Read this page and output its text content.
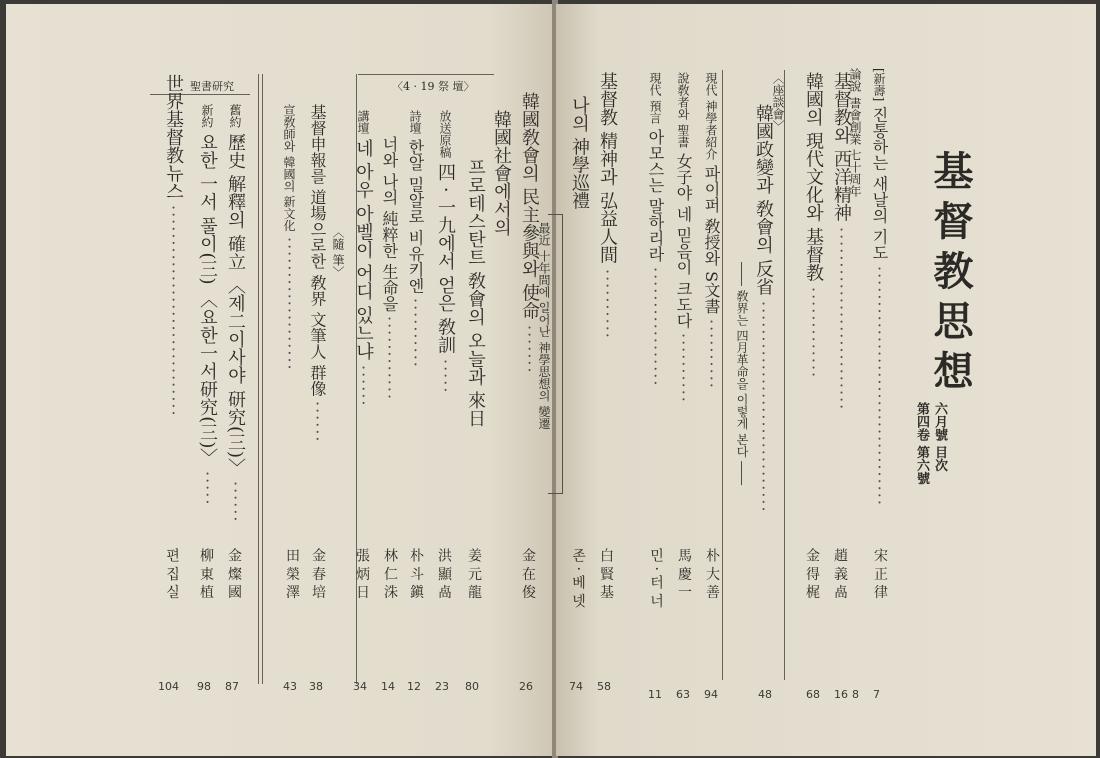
基督教思想
第四卷 第六號 六月號 目次
[新壽] 진통하는 새날의 기도 ··································
宋 正 律
7
論說 書會創業 七十周年
8
基督教와 西洋精神 ··························
趙 義 卨
16
韓國의 現代文化와 基督教 ·············
金 得 梶
68
〈座談會〉
韓國政變과 敎會의 反省 ······························
48
―― 敎界는 四月革命을 이렇게 본다 ――
現代 神學者紹介 파이퍼 敎授와 S文書 ··········
朴 大 善
94
說敎者와 聖書 女子야 네 믿음이 크도다 ··········
馬 慶 一
63
現代 預言 아모스는 말하리라 ·················
민 · 터 너
11
基督教 精神과 弘益人間 ··········
白 賢 基
58
나의 神學巡禮
존 · 베 넷
74
最近 十年間에 일어난 神學思想의 變遷
韓國敎會의 民主參與와 使命 ·······
金 在 俊
26
韓國社會에서의
프로테스탄트 敎會의 오늘과 來日
姜 元 龍
80
〈4 · 19 祭 壇〉
放送原稿 四 · 一九에서 얻은 敎訓 ·····
洪 顯 卨
23
詩壇 한알 밀알로 비유키엔 ··········
朴 斗 鎭
12
너와 나의 純粹한 生命을 ············
林 仁 洙
14
講壇 네 아우 아벨이 어디 있느냐 ······
張 炳 日
34
〈隨 筆〉
基督申報를 道場으로한 敎界 文筆人 群像 ······
金 春 培
38
宣敎師와 韓國의 新文化 ···················
田 榮 澤
43
聖書研究
舊約 歷史 解釋의 確立 〈제二이사야 研究(三)〉 ······
金 燦 國
87
新約 요한 一서 풀이(三) 〈요한一서研究(三)〉 ·····
柳 東 植
98
世界基督教뉴스 ······························
편 집 실
104
